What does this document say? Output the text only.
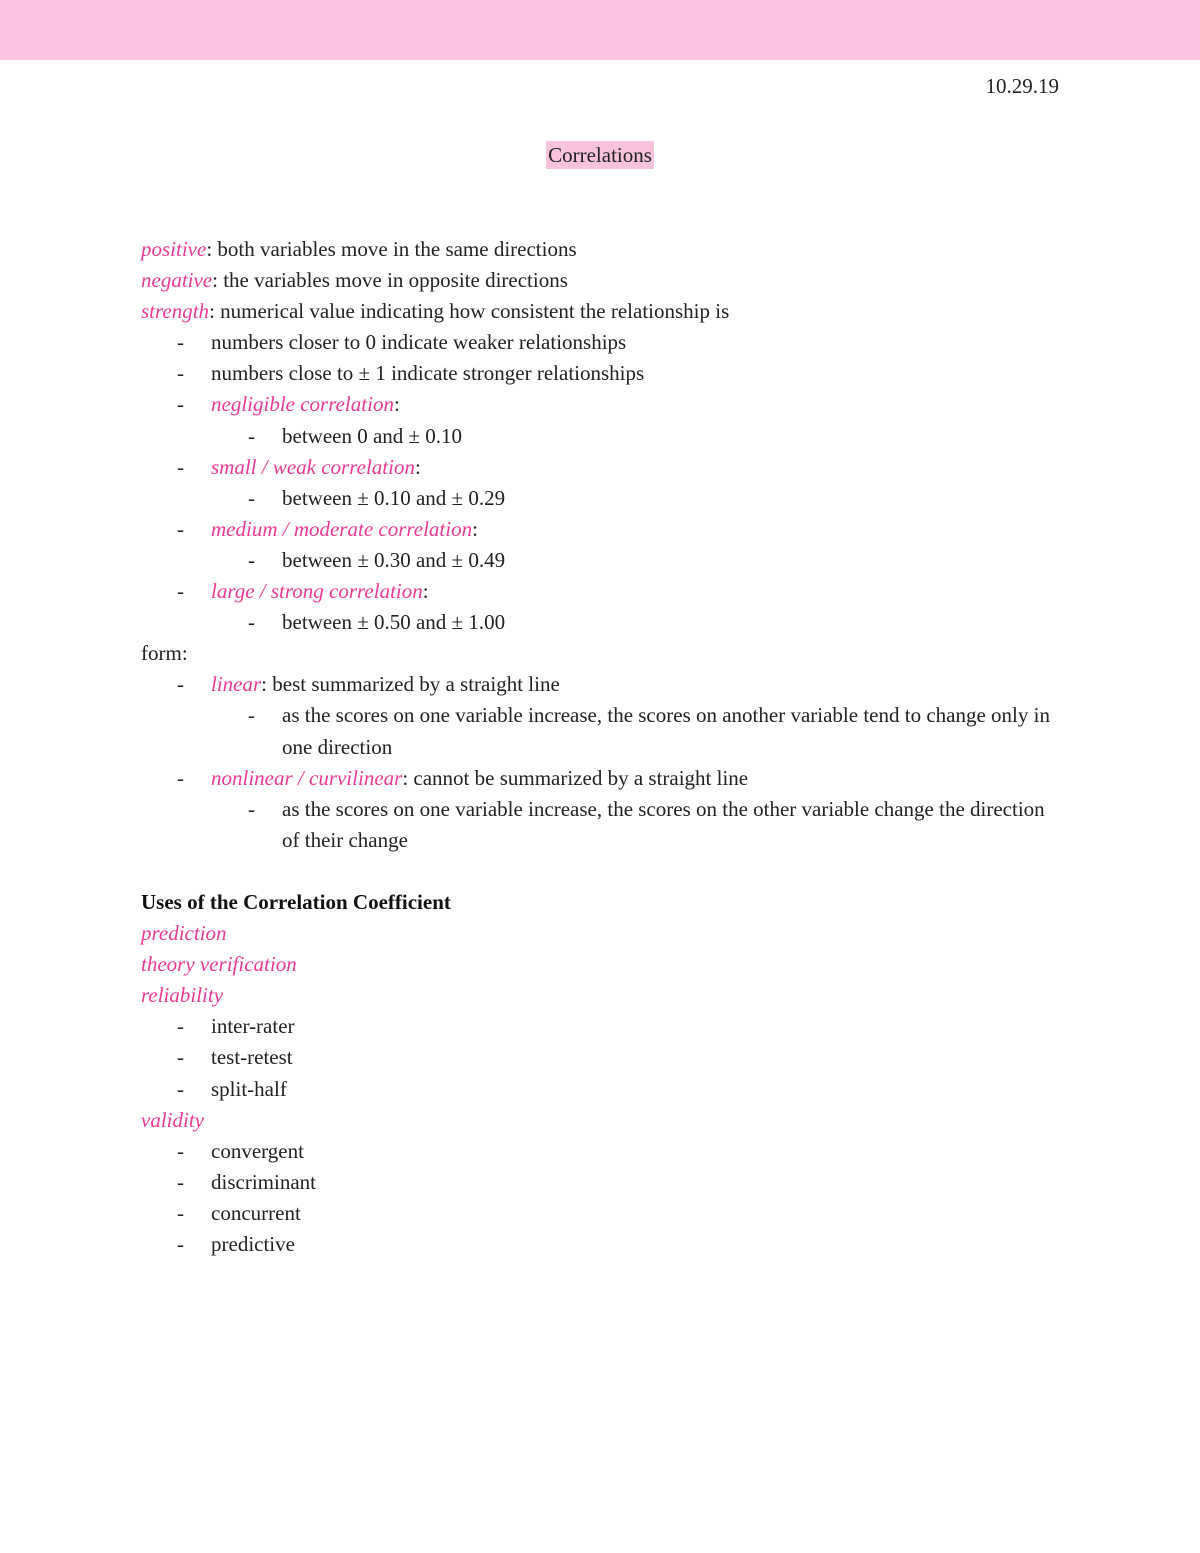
10.29.19
Correlations
positive: both variables move in the same directions
negative: the variables move in opposite directions
strength: numerical value indicating how consistent the relationship is
- numbers closer to 0 indicate weaker relationships
- numbers close to ± 1 indicate stronger relationships
- negligible correlation:
- between 0 and ± 0.10
- small / weak correlation:
- between ± 0.10 and ± 0.29
- medium / moderate correlation:
- between ± 0.30 and ± 0.49
- large / strong correlation:
- between ± 0.50 and ± 1.00
form:
- linear: best summarized by a straight line
- as the scores on one variable increase, the scores on another variable tend to change only in one direction
- nonlinear / curvilinear: cannot be summarized by a straight line
- as the scores on one variable increase, the scores on the other variable change the direction of their change
Uses of the Correlation Coefficient
prediction
theory verification
reliability
- inter-rater
- test-retest
- split-half
validity
- convergent
- discriminant
- concurrent
- predictive
